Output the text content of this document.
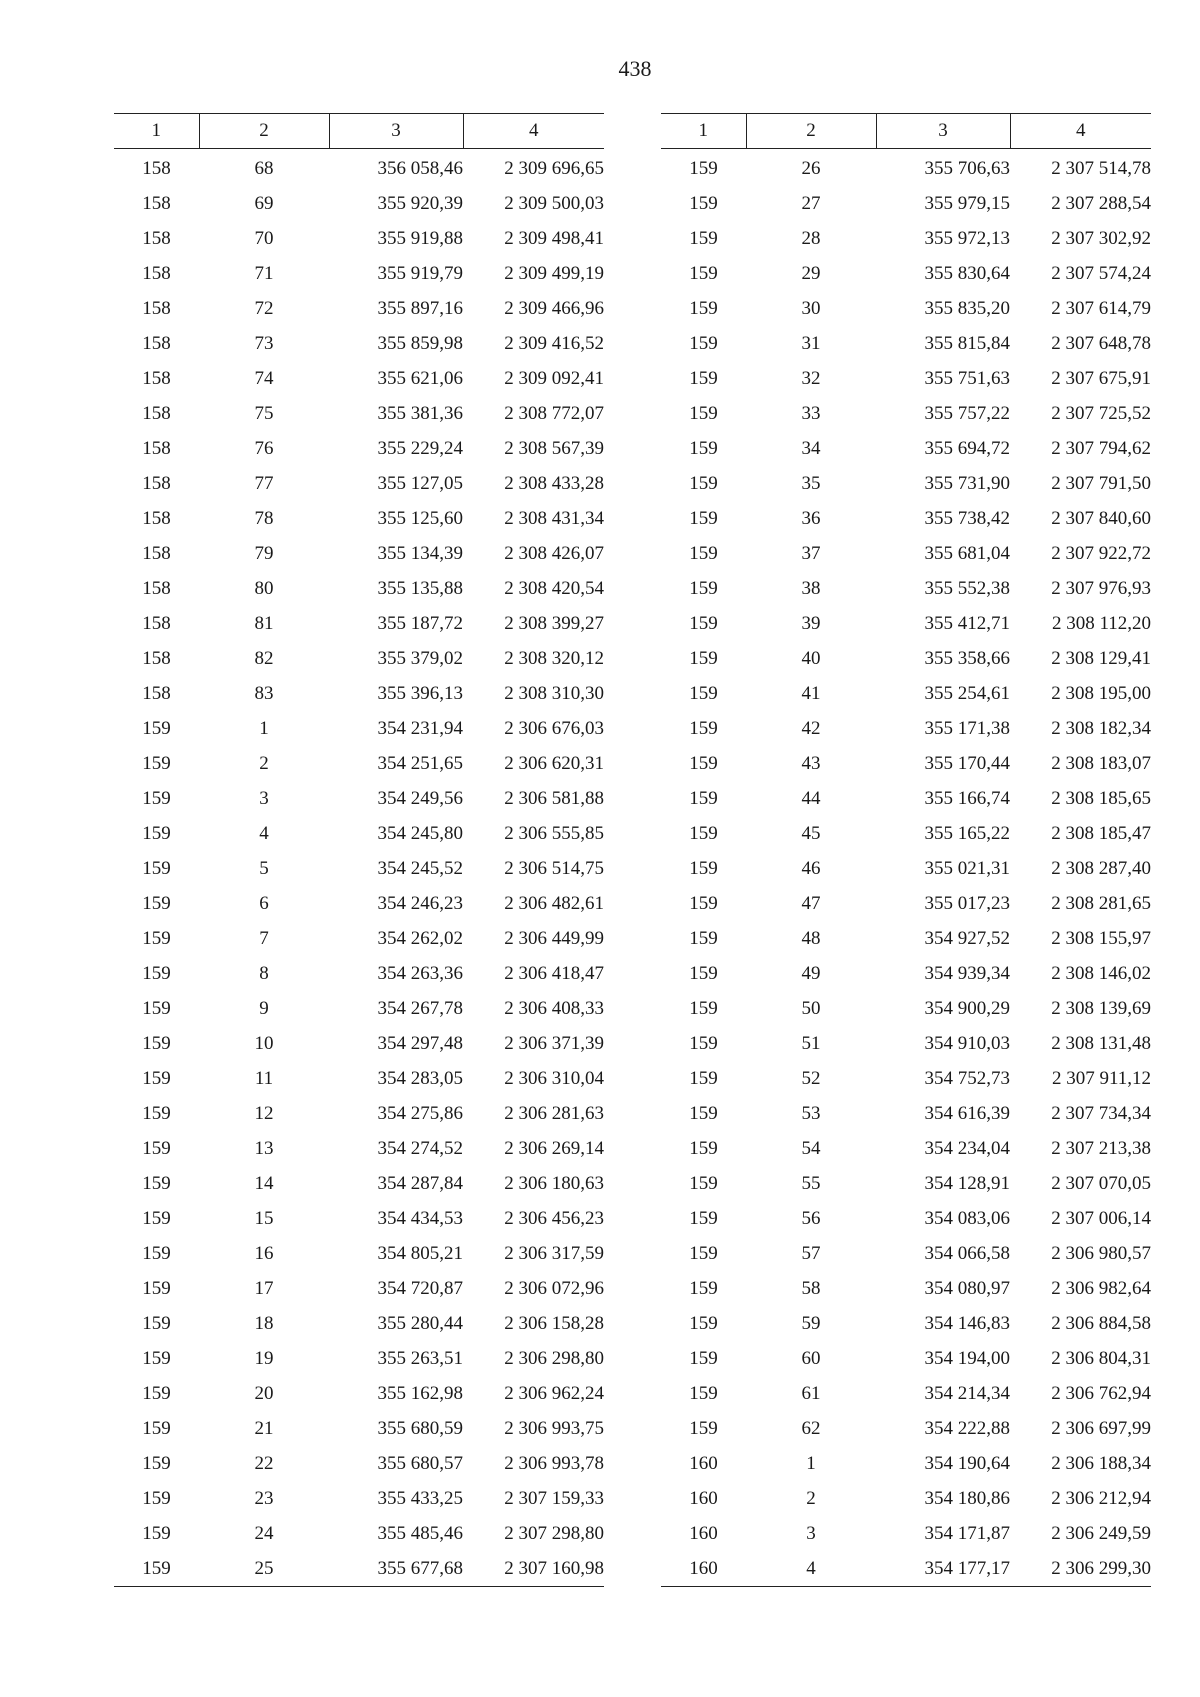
438
1	2	3	4
158	68	356 058,46	2 309 696,65
158	69	355 920,39	2 309 500,03
158	70	355 919,88	2 309 498,41
158	71	355 919,79	2 309 499,19
158	72	355 897,16	2 309 466,96
158	73	355 859,98	2 309 416,52
158	74	355 621,06	2 309 092,41
158	75	355 381,36	2 308 772,07
158	76	355 229,24	2 308 567,39
158	77	355 127,05	2 308 433,28
158	78	355 125,60	2 308 431,34
158	79	355 134,39	2 308 426,07
158	80	355 135,88	2 308 420,54
158	81	355 187,72	2 308 399,27
158	82	355 379,02	2 308 320,12
158	83	355 396,13	2 308 310,30
159	1	354 231,94	2 306 676,03
159	2	354 251,65	2 306 620,31
159	3	354 249,56	2 306 581,88
159	4	354 245,80	2 306 555,85
159	5	354 245,52	2 306 514,75
159	6	354 246,23	2 306 482,61
159	7	354 262,02	2 306 449,99
159	8	354 263,36	2 306 418,47
159	9	354 267,78	2 306 408,33
159	10	354 297,48	2 306 371,39
159	11	354 283,05	2 306 310,04
159	12	354 275,86	2 306 281,63
159	13	354 274,52	2 306 269,14
159	14	354 287,84	2 306 180,63
159	15	354 434,53	2 306 456,23
159	16	354 805,21	2 306 317,59
159	17	354 720,87	2 306 072,96
159	18	355 280,44	2 306 158,28
159	19	355 263,51	2 306 298,80
159	20	355 162,98	2 306 962,24
159	21	355 680,59	2 306 993,75
159	22	355 680,57	2 306 993,78
159	23	355 433,25	2 307 159,33
159	24	355 485,46	2 307 298,80
159	25	355 677,68	2 307 160,98
1	2	3	4
159	26	355 706,63	2 307 514,78
159	27	355 979,15	2 307 288,54
159	28	355 972,13	2 307 302,92
159	29	355 830,64	2 307 574,24
159	30	355 835,20	2 307 614,79
159	31	355 815,84	2 307 648,78
159	32	355 751,63	2 307 675,91
159	33	355 757,22	2 307 725,52
159	34	355 694,72	2 307 794,62
159	35	355 731,90	2 307 791,50
159	36	355 738,42	2 307 840,60
159	37	355 681,04	2 307 922,72
159	38	355 552,38	2 307 976,93
159	39	355 412,71	2 308 112,20
159	40	355 358,66	2 308 129,41
159	41	355 254,61	2 308 195,00
159	42	355 171,38	2 308 182,34
159	43	355 170,44	2 308 183,07
159	44	355 166,74	2 308 185,65
159	45	355 165,22	2 308 185,47
159	46	355 021,31	2 308 287,40
159	47	355 017,23	2 308 281,65
159	48	354 927,52	2 308 155,97
159	49	354 939,34	2 308 146,02
159	50	354 900,29	2 308 139,69
159	51	354 910,03	2 308 131,48
159	52	354 752,73	2 307 911,12
159	53	354 616,39	2 307 734,34
159	54	354 234,04	2 307 213,38
159	55	354 128,91	2 307 070,05
159	56	354 083,06	2 307 006,14
159	57	354 066,58	2 306 980,57
159	58	354 080,97	2 306 982,64
159	59	354 146,83	2 306 884,58
159	60	354 194,00	2 306 804,31
159	61	354 214,34	2 306 762,94
159	62	354 222,88	2 306 697,99
160	1	354 190,64	2 306 188,34
160	2	354 180,86	2 306 212,94
160	3	354 171,87	2 306 249,59
160	4	354 177,17	2 306 299,30
